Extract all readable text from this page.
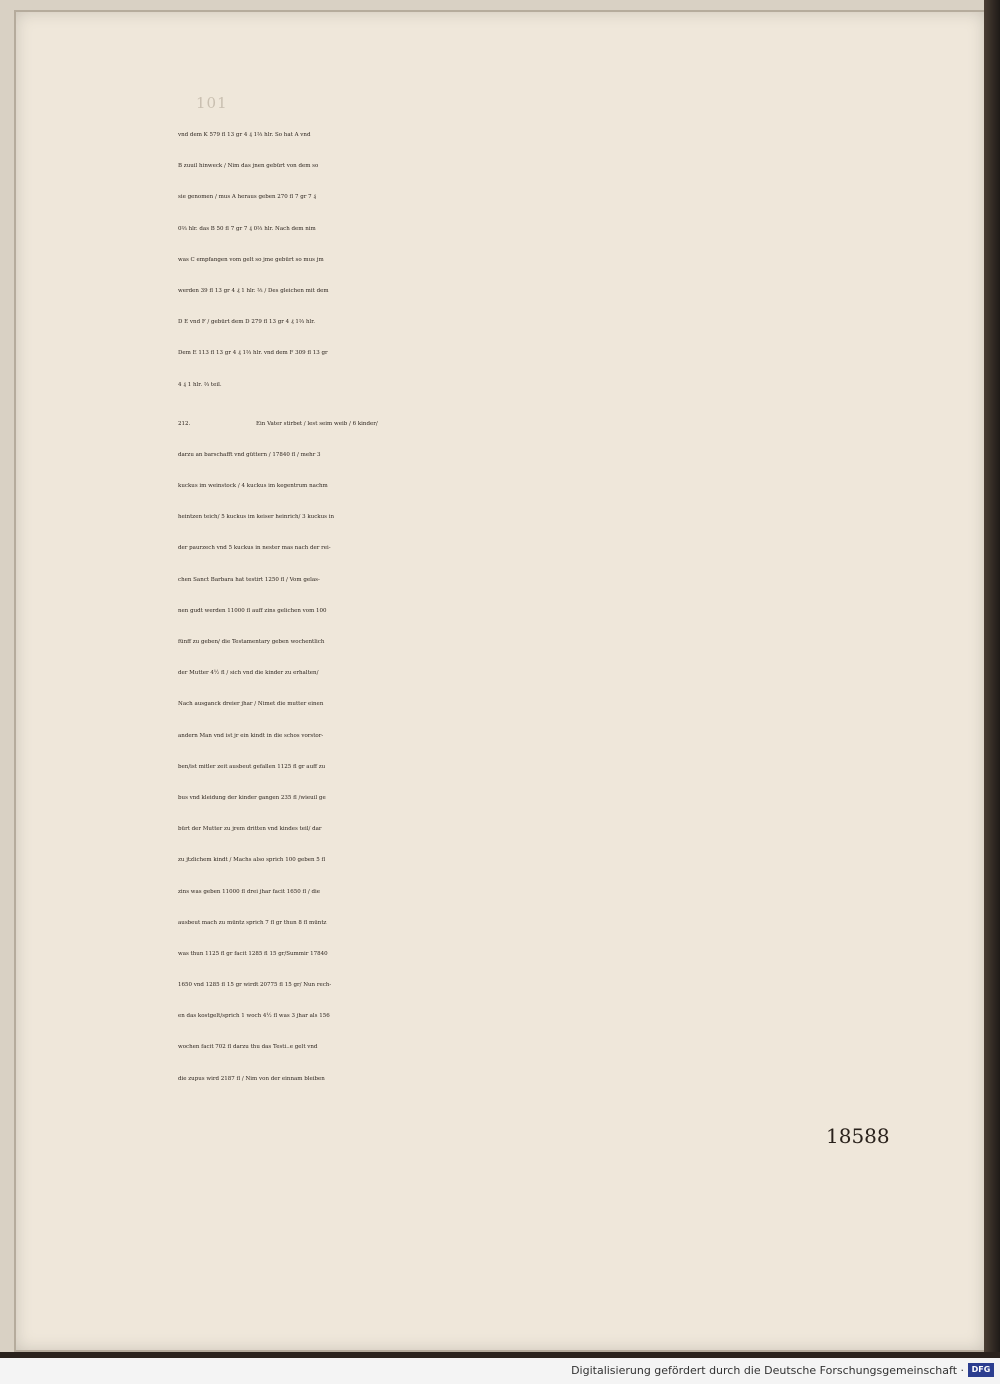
101
vnd dem K 579 fl 13 gr 4 ₰ 1⅔ hlr. So hat A vnd
B zuuil hinweck / Nim das jnen gebürt von dem so
sie genomen / mus A heraus geben 270 fl 7 gr 7 ₰
0⅔ hlr. das B 50 fl 7 gr 7 ₰ 0⅔ hlr. Nach dem nim
was C empfangen vom gelt so jme gebürt so mus jm
werden 39 fl 13 gr 4 ₰ 1 hlr. ⅔ / Des gleichen mit dem
D E vnd F / gebürt dem D 279 fl 13 gr 4 ₰ 1⅔ hlr.
Dem E 113 fl 13 gr 4 ₰ 1⅔ hlr. vnd dem F 309 fl 13 gr
4 ₰ 1 hlr. ⅔ teil.
212.	Ein Vater stirbet / lest seim weib / 6 kinder/
darzu an barschafft vnd güttern / 17840 fl / mehr 3
kuckus im weinstock / 4 kuckus im kegentrum nachm
heintzen teich/ 5 kuckus im keiser heinrich/ 3 kuckus in
der paurzech vnd 5 kuckus in nester mas nach der rei-
chen Sanct Barbara hat testirt 1250 fl / Vom gelas-
nen gudt werden 11000 fl auff zins gelichen vom 100
fünff zu geben/ die Testamentary geben wochentlich
der Mutter 4½ fl / sich vnd die kinder zu erhalten/
Nach ausganck dreier jhar / Nimet die mutter einen
andern Man vnd ist jr ein kindt in die schos vorstor-
ben/ist mitler zeit ausbeut gefallen 1125 fl gr auff zu
bus vnd kleidung der kinder gangen 235 fl /wieuil ge
bürt der Mutter zu jrem dritten vnd kindes teil/ dar
zu jtzlichem kindt / Machs also sprich 100 geben 5 fl
zins was geben 11000 fl drei jhar facit 1650 fl / die
ausbeut mach zu müntz sprich 7 fl gr thun 8 fl müntz
was thun 1125 fl gr facit 1285 fl 15 gr/Summir 17840
1650 vnd 1285 fl 15 gr wirdt 20775 fl 15 gr/ Nun rech-
en das kostgelt/sprich 1 woch 4½ fl was 3 jhar als 156
wochen facit 702 fl darzu thu das Testi..e gelt vnd
die zupus wird 2187 fl / Nim von der einnam bleiben
18588
Digitalisierung gefördert durch die Deutsche Forschungsgemeinschaft · DFG
